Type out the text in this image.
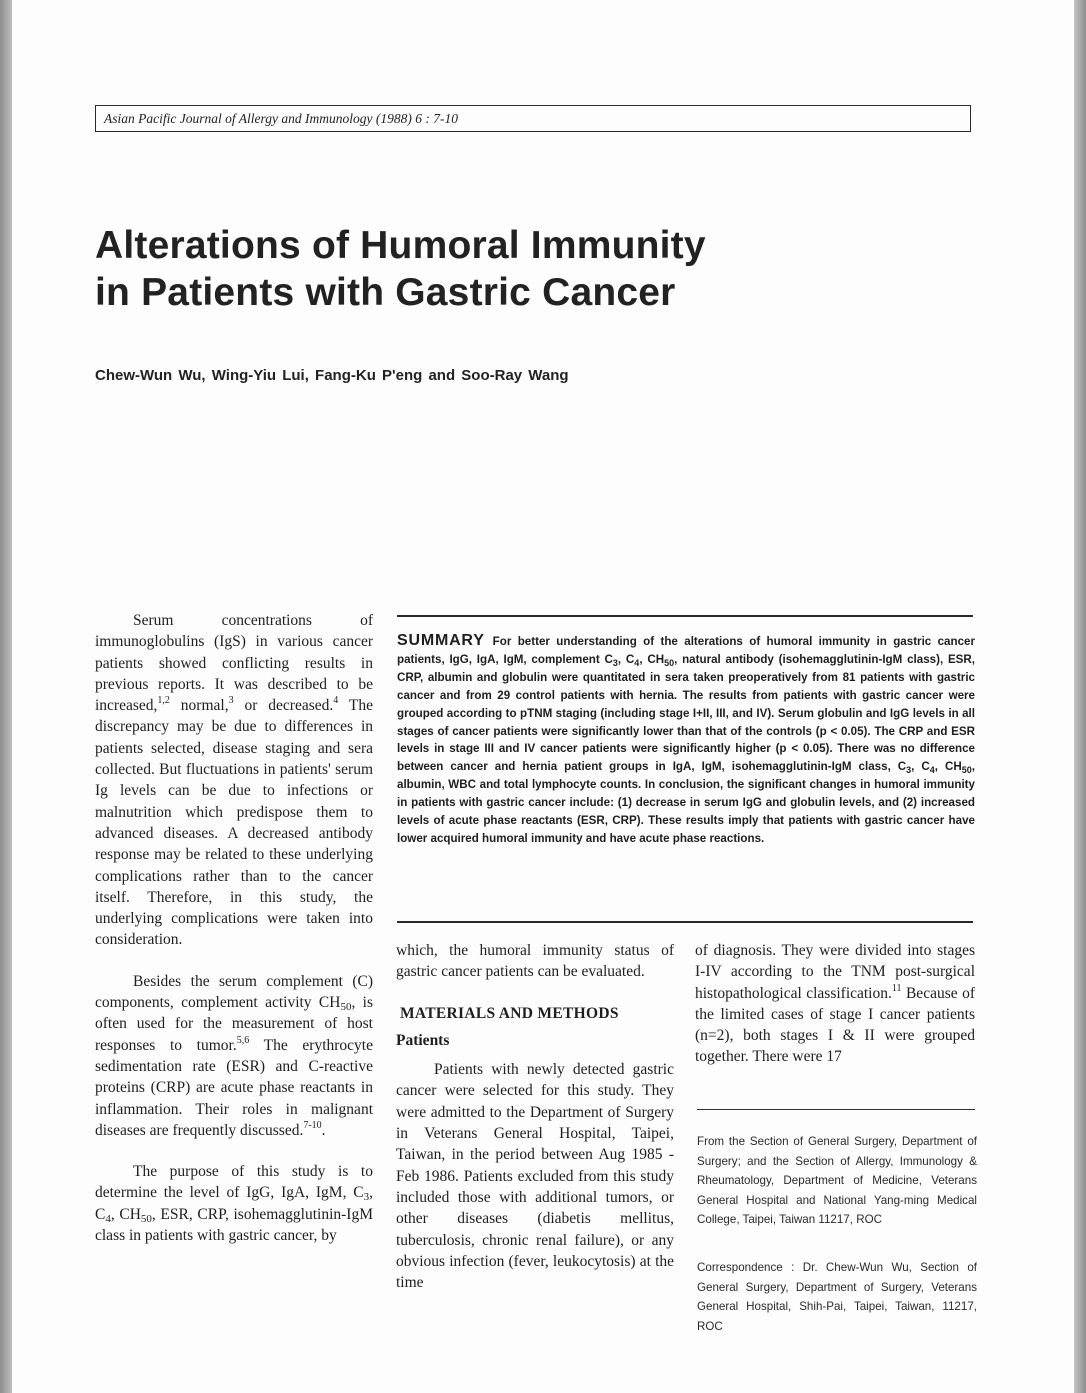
Asian Pacific Journal of Allergy and Immunology (1988) 6 : 7-10
Alterations of Humoral Immunity
in Patients with Gastric Cancer
Chew-Wun Wu, Wing-Yiu Lui, Fang-Ku P'eng and Soo-Ray Wang

Serum concentrations of immunoglobulins (IgS) in various cancer patients showed conflicting results in previous reports. It was described to be increased,$^{1,2}$ normal,$^3$ or decreased.$^4$ The discrepancy may be due to differences in patients selected, disease staging and sera collected. But fluctuations in patients' serum Ig levels can be due to infections or malnutrition which predispose them to advanced diseases. A decreased antibody response may be related to these underlying complications rather than to the cancer itself. Therefore, in this study, the underlying complications were taken into consideration.

Besides the serum complement (C) components, complement activity $CH_{50}$, is often used for the measurement of host responses to tumor.$^{5,6}$ The erythrocyte sedimentation rate (ESR) and C-reactive proteins (CRP) are acute phase reactants in inflammation. Their roles in malignant diseases are frequently discussed.$^{7-10}$.

The purpose of this study is to determine the level of IgG, IgA, IgM, $C_3$, $C_4$, $CH_{50}$, ESR, CRP, isohemagglutinin-IgM class in patients with gastric cancer, by

SUMMARY For better understanding of the alterations of humoral immunity in gastric cancer patients, IgG, IgA, IgM, complement $C_3$, $C_4$, $CH_{50}$, natural antibody (isohemagglutinin-IgM class), ESR, CRP, albumin and globulin were quantitated in sera taken preoperatively from 81 patients with gastric cancer and from 29 control patients with hernia. The results from patients with gastric cancer were grouped according to pTNM staging (including stage I+II, III, and IV). Serum globulin and IgG levels in all stages of cancer patients were significantly lower than that of the controls (p < 0.05). The CRP and ESR levels in stage III and IV cancer patients were significantly higher (p < 0.05). There was no difference between cancer and hernia patient groups in IgA, IgM, isohemagglutinin-IgM class, $C_3$, $C_4$, $CH_{50}$, albumin, WBC and total lymphocyte counts. In conclusion, the significant changes in humoral immunity in patients with gastric cancer include: (1) decrease in serum IgG and globulin levels, and (2) increased levels of acute phase reactants (ESR, CRP). These results imply that patients with gastric cancer have lower acquired humoral immunity and have acute phase reactions.

which, the humoral immunity status of gastric cancer patients can be evaluated.

MATERIALS AND METHODS
Patients

Patients with newly detected gastric cancer were selected for this study. They were admitted to the Department of Surgery in Veterans General Hospital, Taipei, Taiwan, in the period between Aug 1985 - Feb 1986. Patients excluded from this study included those with additional tumors, or other diseases (diabetis mellitus, tuberculosis, chronic renal failure), or any obvious infection (fever, leukocytosis) at the time

of diagnosis. They were divided into stages I-IV according to the TNM post-surgical histopathological classification.$^{11}$ Because of the limited cases of stage I cancer patients (n=2), both stages I & II were grouped together. There were 17

From the Section of General Surgery, Department of Surgery; and the Section of Allergy, Immunology & Rheumatology, Department of Medicine, Veterans General Hospital and National Yang-ming Medical College, Taipei, Taiwan 11217, ROC
Correspondence : Dr. Chew-Wun Wu, Section of General Surgery, Department of Surgery, Veterans General Hospital, Shih-Pai, Taipei, Taiwan, 11217, ROC
